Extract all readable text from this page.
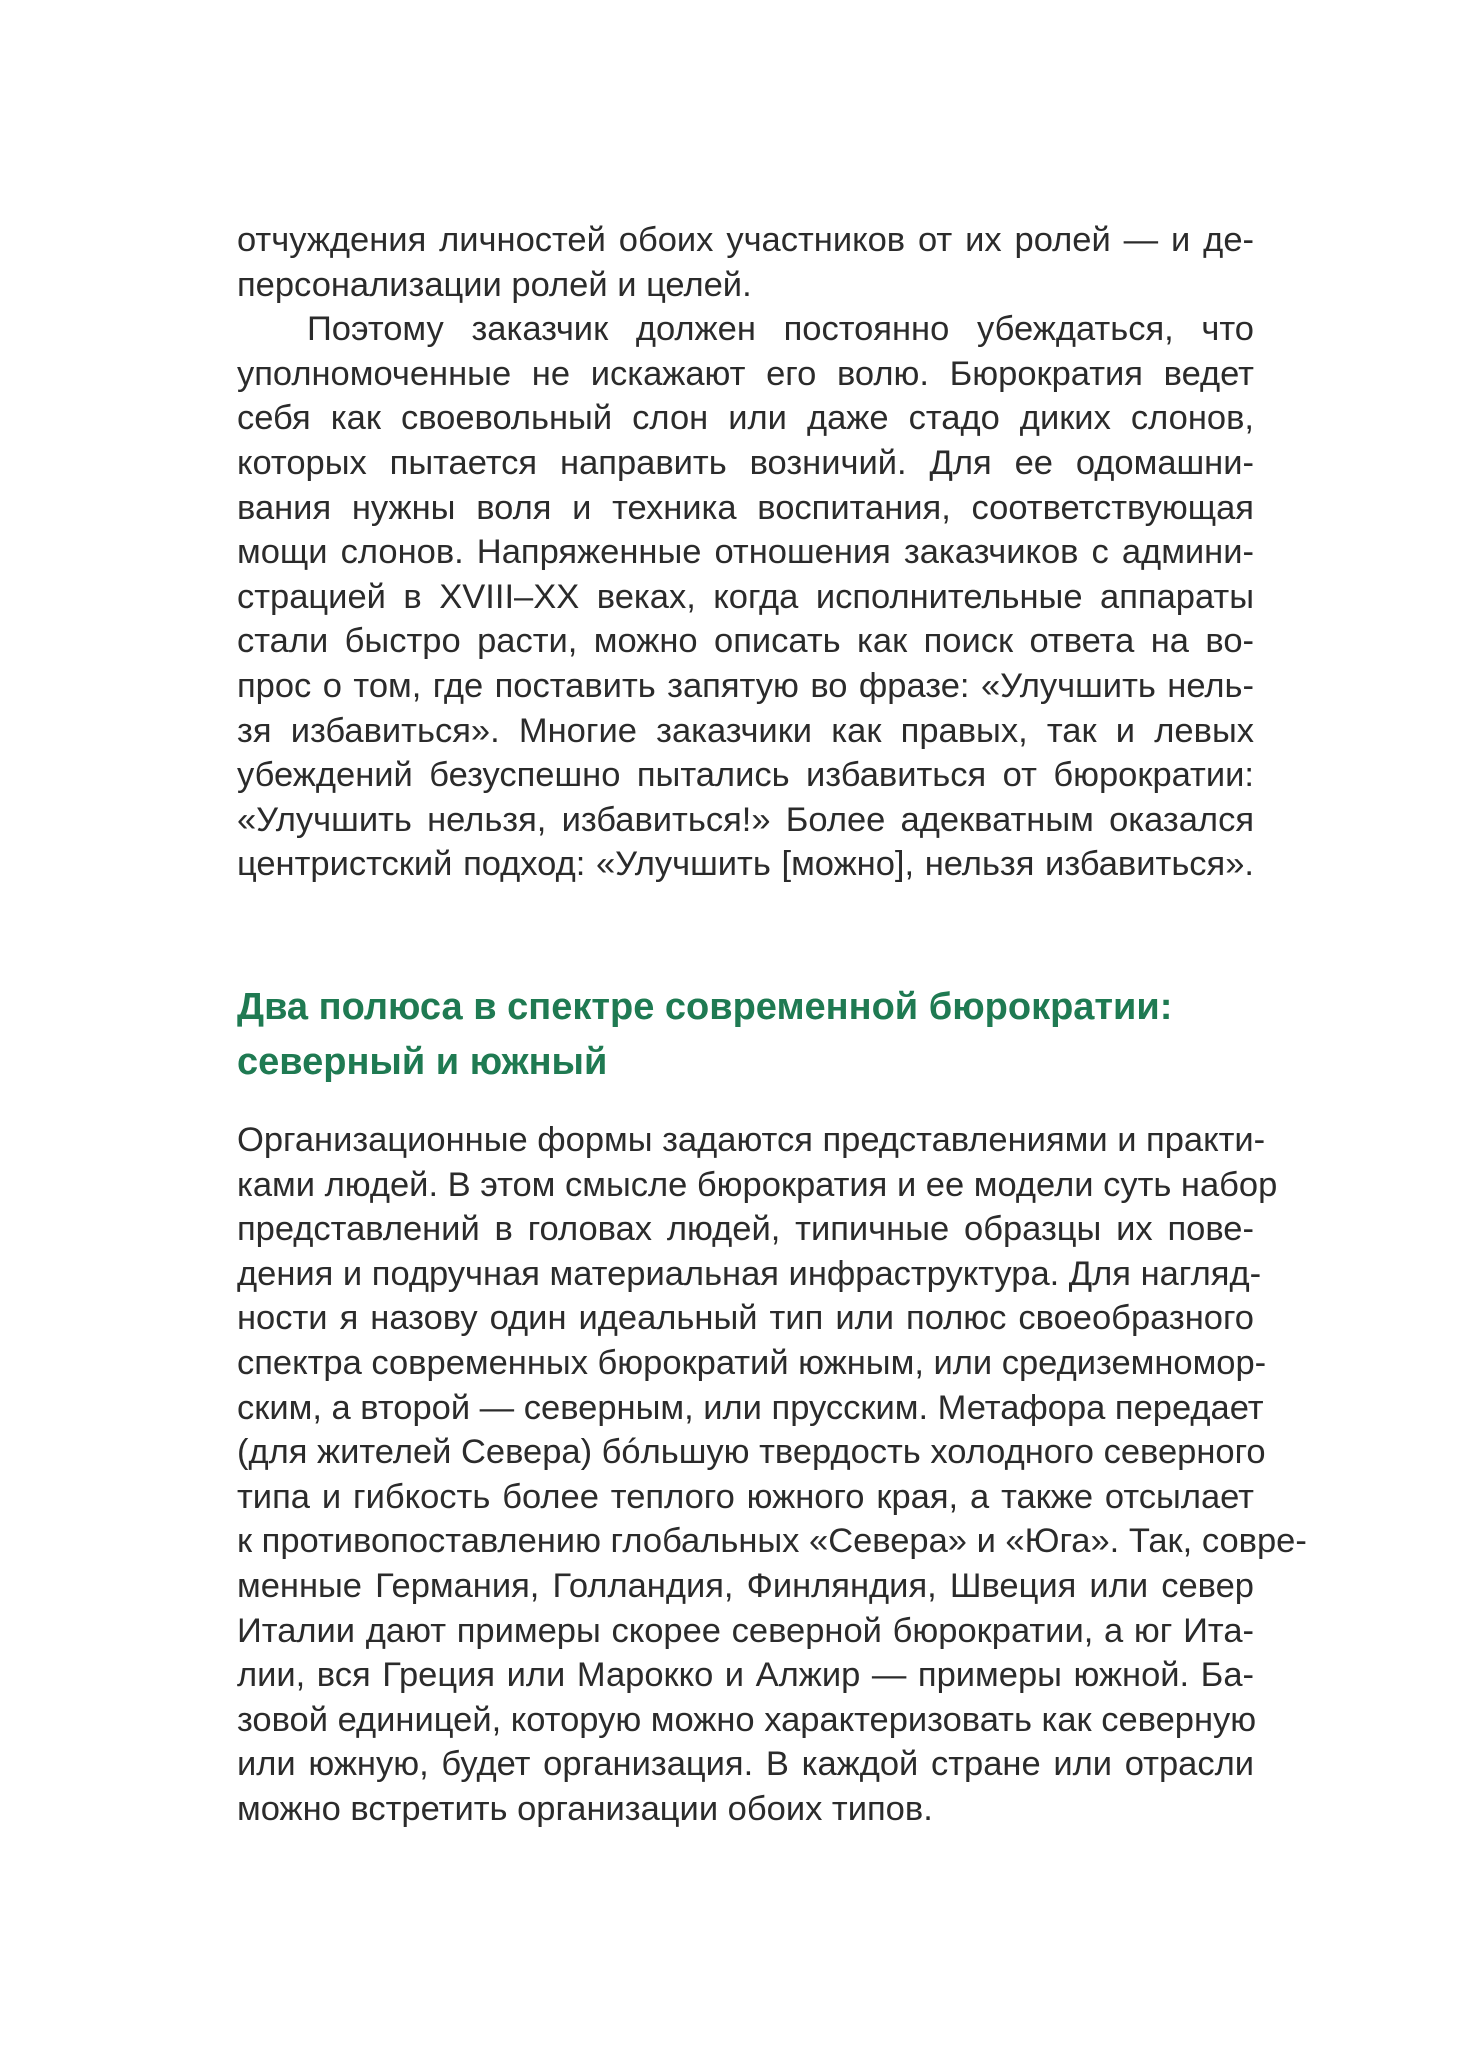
отчуждения личностей обоих участников от их ролей — и де-
персонализации ролей и целей.
Поэтому заказчик должен постоянно убеждаться, что
уполномоченные не искажают его волю. Бюрократия ведет
себя как своевольный слон или даже стадо диких слонов,
которых пытается направить возничий. Для ее одомашни-
вания нужны воля и техника воспитания, соответствующая
мощи слонов. Напряженные отношения заказчиков с админи-
страцией в XVIII–XX веках, когда исполнительные аппараты
стали быстро расти, можно описать как поиск ответа на во-
прос о том, где поставить запятую во фразе: «Улучшить нель-
зя избавиться». Многие заказчики как правых, так и левых
убеждений безуспешно пытались избавиться от бюрократии:
«Улучшить нельзя, избавиться!» Более адекватным оказался
центристский подход: «Улучшить [можно], нельзя избавиться».
Два полюса в спектре современной бюрократии:
северный и южный
Организационные формы задаются представлениями и практи-
ками людей. В этом смысле бюрократия и ее модели суть набор
представлений в головах людей, типичные образцы их пове-
дения и подручная материальная инфраструктура. Для нагляд-
ности я назову один идеальный тип или полюс своеобразного
спектра современных бюрократий южным, или средиземномор-
ским, а второй — северным, или прусским. Метафора передает
(для жителей Севера) бóльшую твердость холодного северного
типа и гибкость более теплого южного края, а также отсылает
к противопоставлению глобальных «Севера» и «Юга». Так, совре-
менные Германия, Голландия, Финляндия, Швеция или север
Италии дают примеры скорее северной бюрократии, а юг Ита-
лии, вся Греция или Марокко и Алжир — примеры южной. Ба-
зовой единицей, которую можно характеризовать как северную
или южную, будет организация. В каждой стране или отрасли
можно встретить организации обоих типов.
